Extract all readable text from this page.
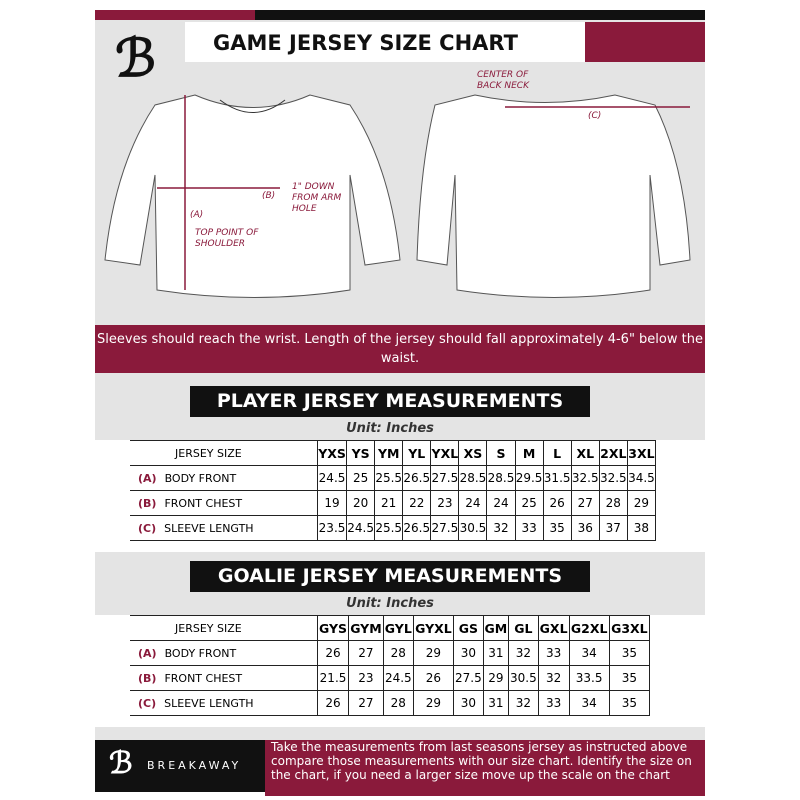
ℬ	GAME JERSEY SIZE CHART
(A)
TOP POINT OF SHOULDER
(B)
1" DOWN FROM ARM HOLE
(C)
CENTER OF BACK NECK
Sleeves should reach the wrist. Length of the jersey should fall approximately 4-6" below the waist.
PLAYER JERSEY MEASUREMENTS
Unit: Inches
JERSEY SIZE	YXS	YS	YM	YL	YXL	XS	S	M	L	XL	2XL	3XL
(A) BODY FRONT	24.5	25	25.5	26.5	27.5	28.5	28.5	29.5	31.5	32.5	32.5	34.5
(B) FRONT CHEST	19	20	21	22	23	24	24	25	26	27	28	29
(C) SLEEVE LENGTH	23.5	24.5	25.5	26.5	27.5	30.5	32	33	35	36	37	38
GOALIE JERSEY MEASUREMENTS
Unit: Inches
JERSEY SIZE	GYS	GYM	GYL	GYXL	GS	GM	GL	GXL	G2XL	G3XL
(A) BODY FRONT	26	27	28	29	30	31	32	33	34	35
(B) FRONT CHEST	21.5	23	24.5	26	27.5	29	30.5	32	33.5	35
(C) SLEEVE LENGTH	26	27	28	29	30	31	32	33	34	35
ℬ BREAKAWAY
Take the measurements from last seasons jersey as instructed above compare those measurements with our size chart. Identify the size on the chart, if you need a larger size move up the scale on the chart
